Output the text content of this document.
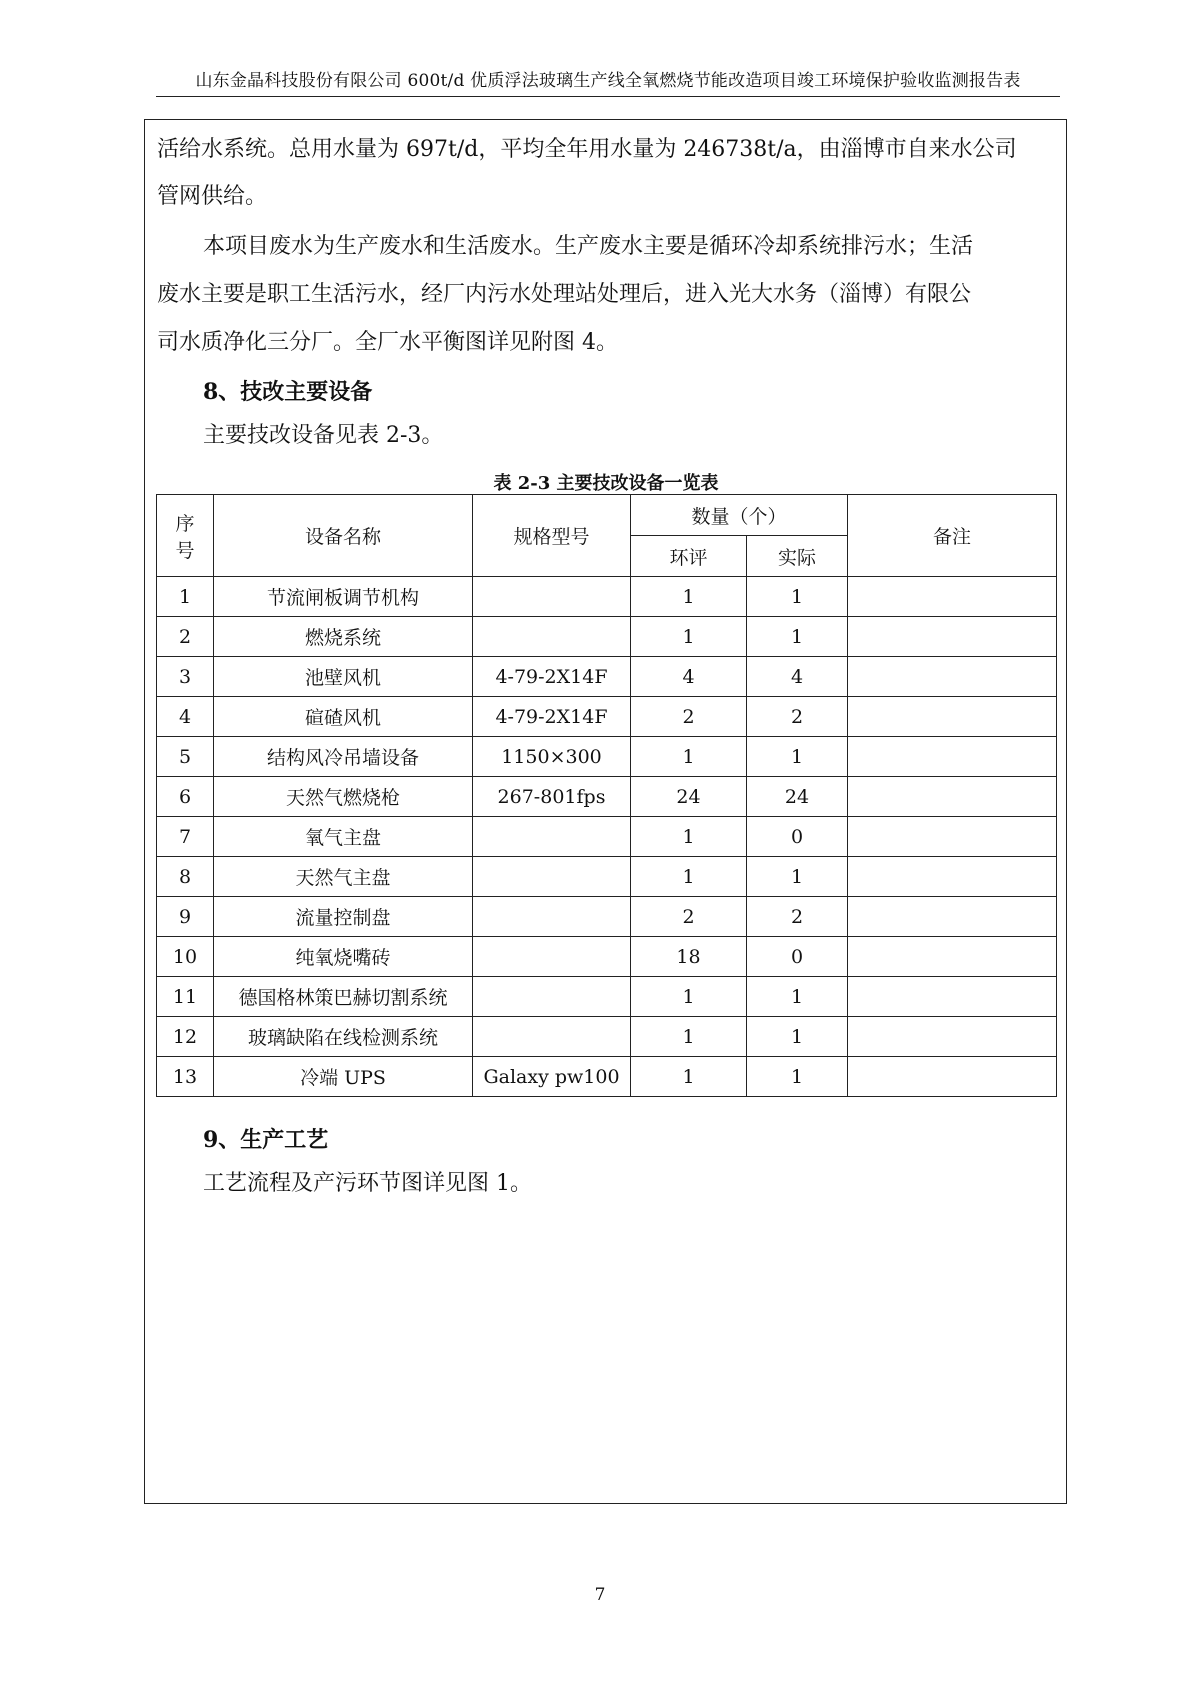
山东金晶科技股份有限公司 600t/d 优质浮法玻璃生产线全氧燃烧节能改造项目竣工环境保护验收监测报告表
活给水系统。总用水量为 697t/d，平均全年用水量为 246738t/a，由淄博市自来水公司
管网供给。
本项目废水为生产废水和生活废水。生产废水主要是循环冷却系统排污水；生活
废水主要是职工生活污水，经厂内污水处理站处理后，进入光大水务（淄博）有限公
司水质净化三分厂。全厂水平衡图详见附图 4。
8、技改主要设备
主要技改设备见表 2-3。
表 2-3 主要技改设备一览表
序
号	设备名称	规格型号	数量（个）		备注
			环评	实际	
1	节流闸板调节机构		1	1	
2	燃烧系统		1	1	
3	池壁风机	4-79-2X14F	4	4	
4	碹碴风机	4-79-2X14F	2	2	
5	结构风冷吊墙设备	1150×300	1	1	
6	天然气燃烧枪	267-801fps	24	24	
7	氧气主盘		1	0	
8	天然气主盘		1	1	
9	流量控制盘		2	2	
10	纯氧烧嘴砖		18	0	
11	德国格林策巴赫切割系统		1	1	
12	玻璃缺陷在线检测系统		1	1	
13	冷端 UPS	Galaxy pw100	1	1	
9、生产工艺
工艺流程及产污环节图详见图 1。
7
